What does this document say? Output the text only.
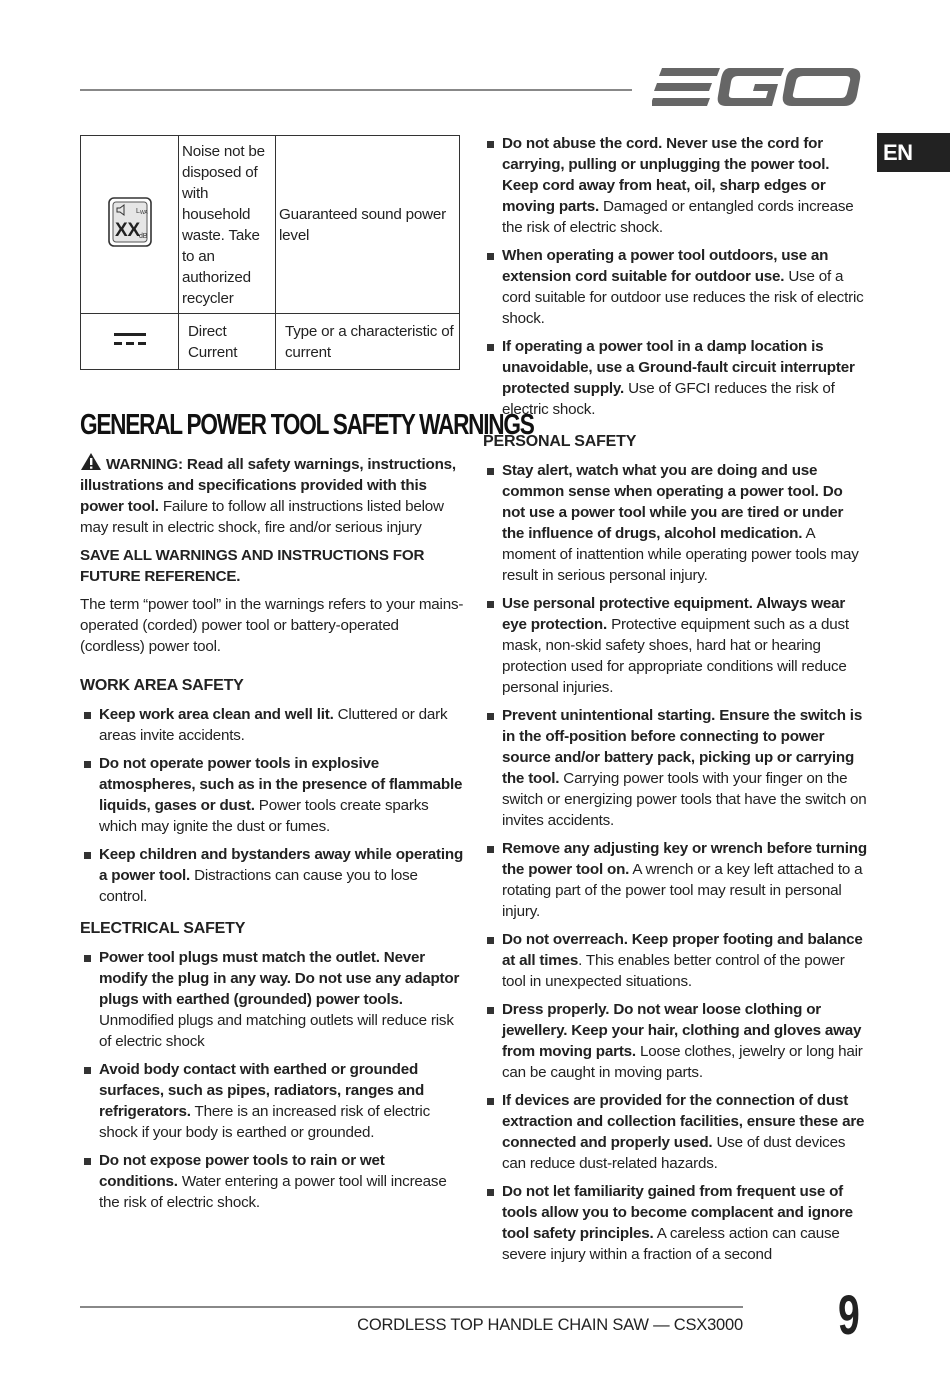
EN
L WA
XX dB	Noise not be disposed of with household waste. Take to an authorized recycler	Guaranteed sound power level
	Direct Current	Type or a characteristic of current
GENERAL POWER TOOL SAFETY WARNINGS

WARNING: Read all safety warnings, instructions, illustrations and specifications provided with this power tool. Failure to follow all instructions listed below may result in electric shock, fire and/or serious injury

SAVE ALL WARNINGS AND INSTRUCTIONS FOR FUTURE REFERENCE.

The term “power tool” in the warnings refers to your mains-operated (corded) power tool or battery-operated (cordless) power tool.

WORK AREA SAFETY

Keep work area clean and well lit. Cluttered or dark areas invite accidents.
Do not operate power tools in explosive atmospheres, such as in the presence of flammable liquids, gases or dust. Power tools create sparks which may ignite the dust or fumes.
Keep children and bystanders away while operating a power tool. Distractions can cause you to lose control.

ELECTRICAL SAFETY

Power tool plugs must match the outlet. Never modify the plug in any way. Do not use any adaptor plugs with earthed (grounded) power tools. Unmodified plugs and matching outlets will reduce risk of electric shock
Avoid body contact with earthed or grounded surfaces, such as pipes, radiators, ranges and refrigerators. There is an increased risk of electric shock if your body is earthed or grounded.
Do not expose power tools to rain or wet conditions. Water entering a power tool will increase the risk of electric shock.
Do not abuse the cord. Never use the cord for carrying, pulling or unplugging the power tool. Keep cord away from heat, oil, sharp edges or moving parts. Damaged or entangled cords increase the risk of electric shock.
When operating a power tool outdoors, use an extension cord suitable for outdoor use. Use of a cord suitable for outdoor use reduces the risk of electric shock.
If operating a power tool in a damp location is unavoidable, use a Ground-fault circuit interrupter protected supply. Use of GFCI reduces the risk of electric shock.

PERSONAL SAFETY

Stay alert, watch what you are doing and use common sense when operating a power tool. Do not use a power tool while you are tired or under the influence of drugs, alcohol medication. A moment of inattention while operating power tools may result in serious personal injury.
Use personal protective equipment. Always wear eye protection. Protective equipment such as a dust mask, non-skid safety shoes, hard hat or hearing protection used for appropriate conditions will reduce personal injuries.
Prevent unintentional starting. Ensure the switch is in the off-position before connecting to power source and/or battery pack, picking up or carrying the tool. Carrying power tools with your finger on the switch or energizing power tools that have the switch on invites accidents.
Remove any adjusting key or wrench before turning the power tool on. A wrench or a key left attached to a rotating part of the power tool may result in personal injury.
Do not overreach. Keep proper footing and balance at all times. This enables better control of the power tool in unexpected situations.
Dress properly. Do not wear loose clothing or jewellery. Keep your hair, clothing and gloves away from moving parts. Loose clothes, jewelry or long hair can be caught in moving parts.
If devices are provided for the connection of dust extraction and collection facilities, ensure these are connected and properly used. Use of dust devices can reduce dust-related hazards.
Do not let familiarity gained from frequent use of tools allow you to become complacent and ignore tool safety principles. A careless action can cause severe injury within a fraction of a second
CORDLESS TOP HANDLE CHAIN SAW — CSX3000 9
